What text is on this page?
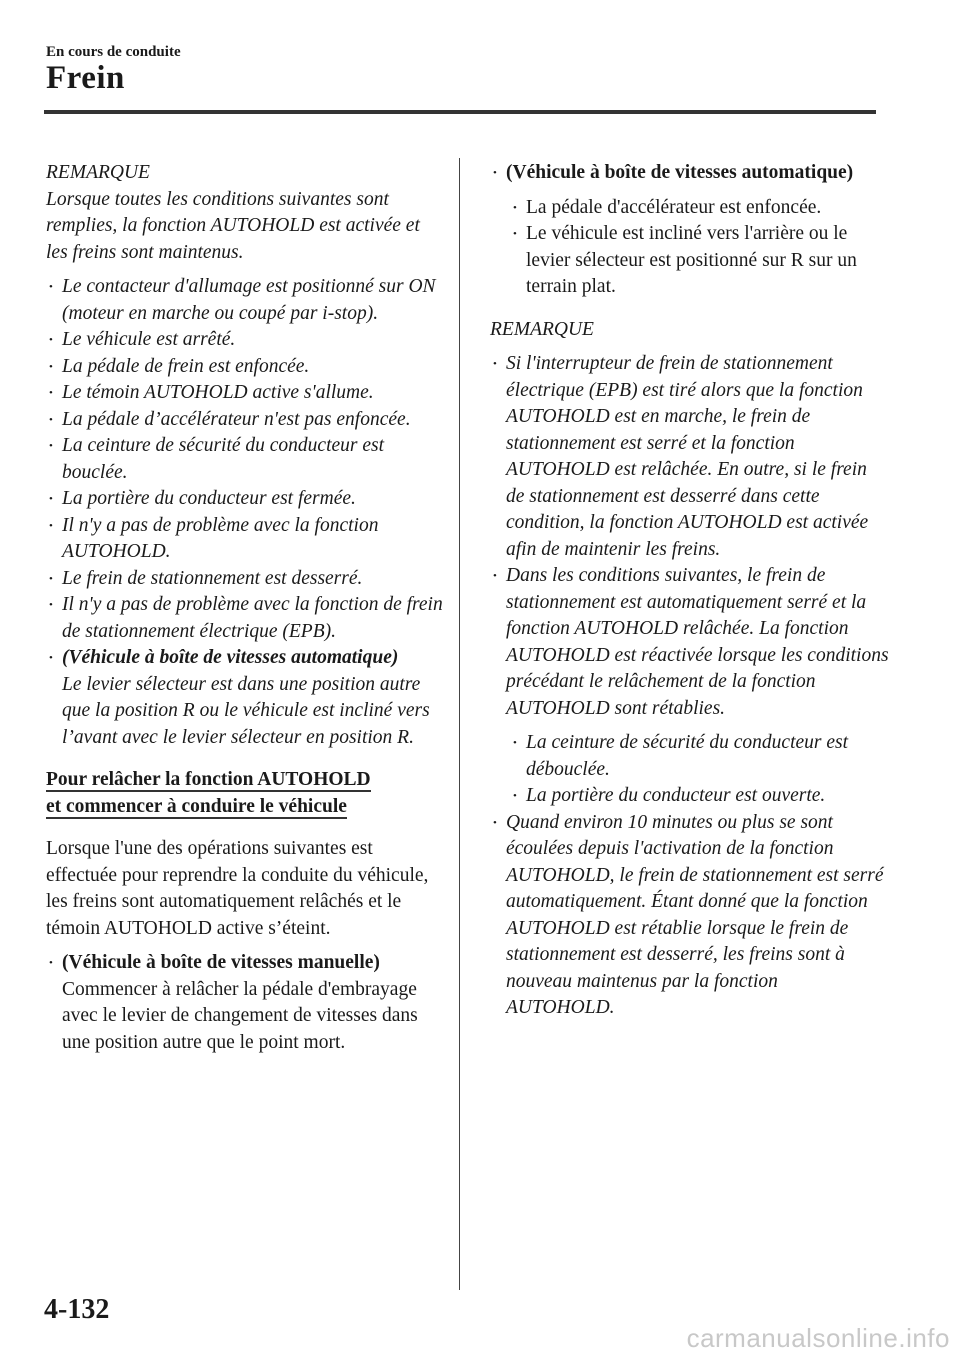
En cours de conduite
Frein

REMARQUE

Lorsque toutes les conditions suivantes sont remplies, la fonction AUTOHOLD est activée et les freins sont maintenus.

• Le contacteur d'allumage est positionné sur ON (moteur en marche ou coupé par i-stop).
• Le véhicule est arrêté.
• La pédale de frein est enfoncée.
• Le témoin AUTOHOLD active s'allume.
• La pédale d’accélérateur n'est pas enfoncée.
• La ceinture de sécurité du conducteur est bouclée.
• La portière du conducteur est fermée.
• Il n'y a pas de problème avec la fonction AUTOHOLD.
• Le frein de stationnement est desserré.
• Il n'y a pas de problème avec la fonction de frein de stationnement électrique (EPB).
• (Véhicule à boîte de vitesses automatique)
Le levier sélecteur est dans une position autre que la position R ou le véhicule est incliné vers l’avant avec le levier sélecteur en position R.
Pour relâcher la fonction AUTOHOLD
et commencer à conduire le véhicule

Lorsque l'une des opérations suivantes est effectuée pour reprendre la conduite du véhicule, les freins sont automatiquement relâchés et le témoin AUTOHOLD active s’éteint.

• (Véhicule à boîte de vitesses manuelle)
Commencer à relâcher la pédale d'embrayage avec le levier de changement de vitesses dans une position autre que le point mort.
• (Véhicule à boîte de vitesses automatique)
• La pédale d'accélérateur est enfoncée.
• Le véhicule est incliné vers l'arrière ou le levier sélecteur est positionné sur R sur un terrain plat.

REMARQUE

• Si l'interrupteur de frein de stationnement électrique (EPB) est tiré alors que la fonction AUTOHOLD est en marche, le frein de stationnement est serré et la fonction AUTOHOLD est relâchée. En outre, si le frein de stationnement est desserré dans cette condition, la fonction AUTOHOLD est activée afin de maintenir les freins.
• Dans les conditions suivantes, le frein de stationnement est automatiquement serré et la fonction AUTOHOLD relâchée. La fonction AUTOHOLD est réactivée lorsque les conditions précédant le relâchement de la fonction AUTOHOLD sont rétablies.
• La ceinture de sécurité du conducteur est débouclée.
• La portière du conducteur est ouverte.
• Quand environ 10 minutes ou plus se sont écoulées depuis l'activation de la fonction AUTOHOLD, le frein de stationnement est serré automatiquement. Étant donné que la fonction AUTOHOLD est rétablie lorsque le frein de stationnement est desserré, les freins sont à nouveau maintenus par la fonction AUTOHOLD.
4-132
carmanualsonline.info
